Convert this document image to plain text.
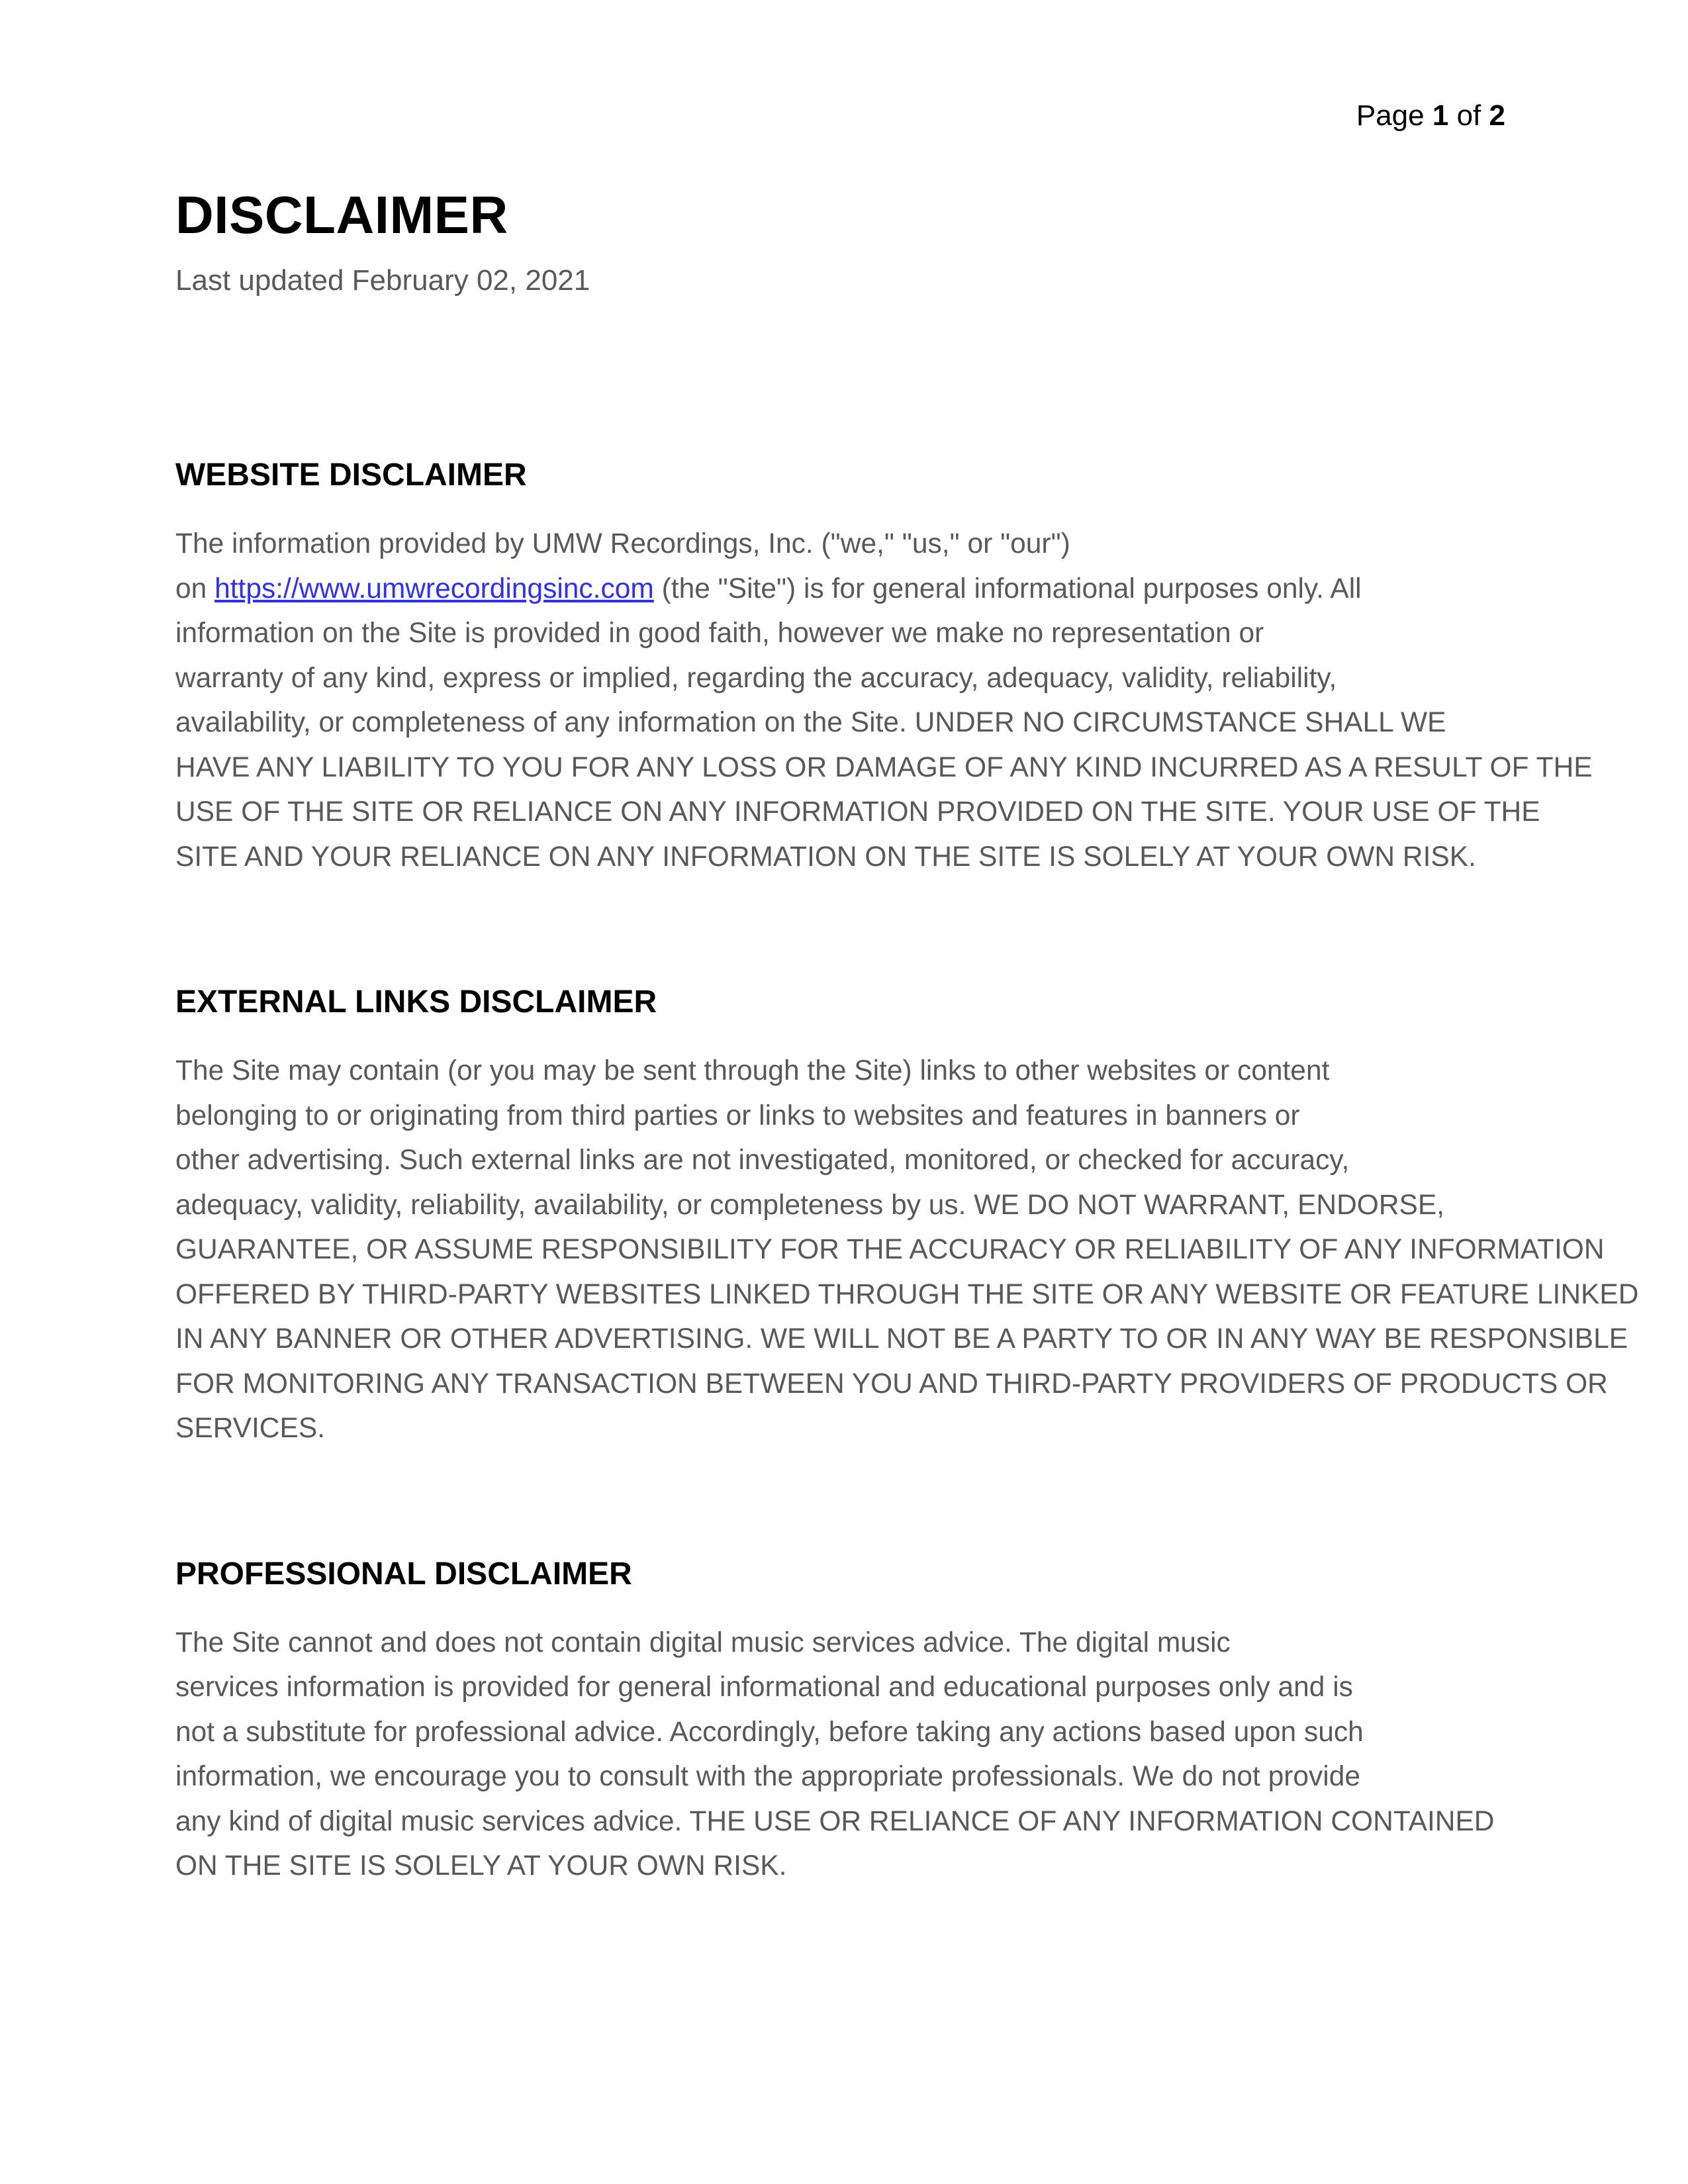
Page 1 of 2
DISCLAIMER
Last updated February 02, 2021
WEBSITE DISCLAIMER
The information provided by UMW Recordings, Inc. ("we," "us," or "our")
on https://www.umwrecordingsinc.com (the "Site") is for general informational purposes only. All
information on the Site is provided in good faith, however we make no representation or
warranty of any kind, express or implied, regarding the accuracy, adequacy, validity, reliability,
availability, or completeness of any information on the Site. UNDER NO CIRCUMSTANCE SHALL WE
HAVE ANY LIABILITY TO YOU FOR ANY LOSS OR DAMAGE OF ANY KIND INCURRED AS A RESULT OF THE
USE OF THE SITE OR RELIANCE ON ANY INFORMATION PROVIDED ON THE SITE. YOUR USE OF THE
SITE AND YOUR RELIANCE ON ANY INFORMATION ON THE SITE IS SOLELY AT YOUR OWN RISK.
EXTERNAL LINKS DISCLAIMER
The Site may contain (or you may be sent through the Site) links to other websites or content
belonging to or originating from third parties or links to websites and features in banners or
other advertising. Such external links are not investigated, monitored, or checked for accuracy,
adequacy, validity, reliability, availability, or completeness by us. WE DO NOT WARRANT, ENDORSE,
GUARANTEE, OR ASSUME RESPONSIBILITY FOR THE ACCURACY OR RELIABILITY OF ANY INFORMATION
OFFERED BY THIRD-PARTY WEBSITES LINKED THROUGH THE SITE OR ANY WEBSITE OR FEATURE LINKED
IN ANY BANNER OR OTHER ADVERTISING. WE WILL NOT BE A PARTY TO OR IN ANY WAY BE RESPONSIBLE
FOR MONITORING ANY TRANSACTION BETWEEN YOU AND THIRD-PARTY PROVIDERS OF PRODUCTS OR
SERVICES.
PROFESSIONAL DISCLAIMER
The Site cannot and does not contain digital music services advice. The digital music
services information is provided for general informational and educational purposes only and is
not a substitute for professional advice. Accordingly, before taking any actions based upon such
information, we encourage you to consult with the appropriate professionals. We do not provide
any kind of digital music services advice. THE USE OR RELIANCE OF ANY INFORMATION CONTAINED
ON THE SITE IS SOLELY AT YOUR OWN RISK.
